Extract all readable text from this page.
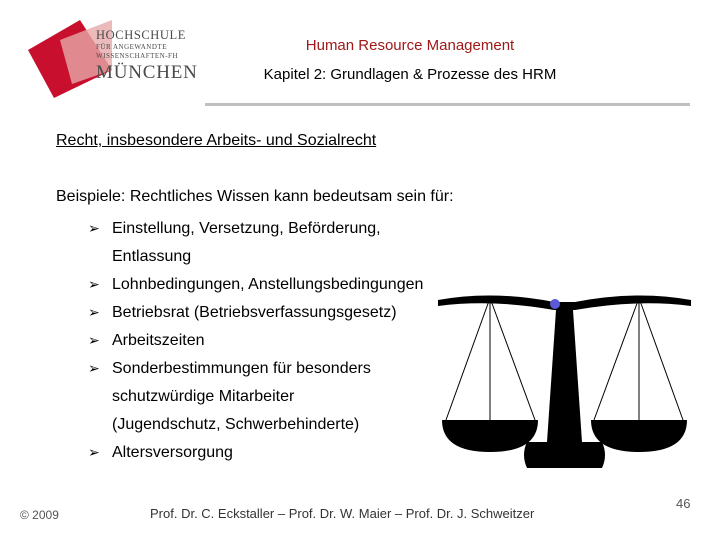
HOCHSCHULE
FÜR ANGEWANDTE
WISSENSCHAFTEN-FH
MÜNCHEN
Human Resource Management
Kapitel 2: Grundlagen & Prozesse des HRM
Recht, insbesondere Arbeits- und Sozialrecht
Beispiele: Rechtliches Wissen kann bedeutsam sein für:
➢ Einstellung, Versetzung, Beförderung,
Entlassung
➢ Lohnbedingungen, Anstellungsbedingungen
➢ Betriebsrat (Betriebsverfassungsgesetz)
➢ Arbeitszeiten
➢ Sonderbestimmungen für besonders
schutzwürdige Mitarbeiter
(Jugendschutz, Schwerbehinderte)
➢ Altersversorgung
© 2009	Prof. Dr. C. Eckstaller – Prof. Dr. W. Maier – Prof. Dr. J. Schweitzer
46
